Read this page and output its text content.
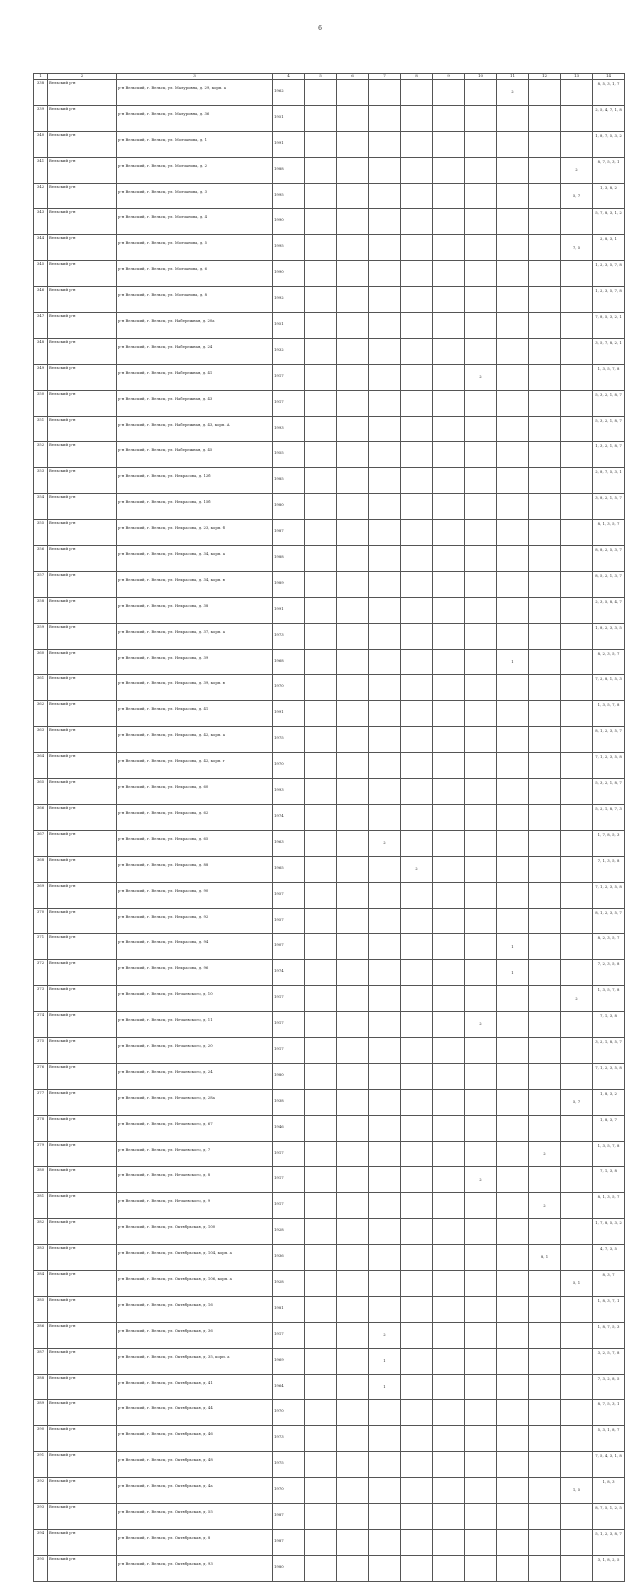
6
1	2	3	4	5	6	7	8	9	10	11	12	13	14
338	Вельский р-н	р-н Вельский, г. Вельск, ул. Малуровна, д. 29, корп. а	1962							2			8, 5, 3, 1, 7
339	Вельский р-н	р-н Вельский, г. Вельск, ул. Малуровна, д. 36	1951										2, 5, 4, 7, 1, 8
340	Вельский р-н	р-н Вельский, г. Вельск, ул. Молчанова, д. 1	1991										1, 8, 7, 5, 3, 2
341	Вельский р-н	р-н Вельский, г. Вельск, ул. Молчанова, д. 2	1988									2	8, 7, 5, 3, 1
342	Вельский р-н	р-н Вельский, г. Вельск, ул. Молчанова, д. 3	1995									5, 7	1, 3, 8, 2
343	Вельский р-н	р-н Вельский, г. Вельск, ул. Молчанова, д. 4	1990										5, 7, 8, 3, 1, 2
344	Вельский р-н	р-н Вельский, г. Вельск, ул. Молчанова, д. 5	1995									7, 5	2, 8, 3, 1
345	Вельский р-н	р-н Вельский, г. Вельск, ул. Молчанова, д. 6	1990										1, 2, 3, 5, 7, 8
346	Вельский р-н	р-н Вельский, г. Вельск, ул. Молчанова, д. 8	1992										1, 2, 3, 5, 7, 8
347	Вельский р-н	р-н Вельский, г. Вельск, ул. Набережная, д. 20а	1951										7, 8, 5, 3, 2, 1
348	Вельский р-н	р-н Вельский, г. Вельск, ул. Набережная, д. 24	1932										3, 5, 7, 8, 2, 1
349	Вельский р-н	р-н Вельский, г. Вельск, ул. Набережная, д. 41	1917						2				1, 3, 5, 7, 8
350	Вельский р-н	р-н Вельский, г. Вельск, ул. Набережная, д. 43	1917										5, 3, 2, 1, 8, 7
351	Вельский р-н	р-н Вельский, г. Вельск, ул. Набережная, д. 43, корп. А	1993										5, 3, 2, 1, 8, 7
352	Вельский р-н	р-н Вельский, г. Вельск, ул. Набережная, д. 45	1955										1, 3, 2, 1, 8, 7
353	Вельский р-н	р-н Вельский, г. Вельск, ул. Некрасова, д. 12б	1985										2, 8, 7, 5, 3, 1
354	Вельский р-н	р-н Вельский, г. Вельск, ул. Некрасова, д. 15б	1980										3, 8, 2, 1, 5, 7
355	Вельский р-н	р-н Вельский, г. Вельск, ул. Некрасова, д. 23, корп. б	1987										8, 1, 3, 5, 7
356	Вельский р-н	р-н Вельский, г. Вельск, ул. Некрасова, д. 34, корп. а	1988										8, 8, 2, 5, 3, 7
357	Вельский р-н	р-н Вельский, г. Вельск, ул. Некрасова, д. 34, корп. в	1989										8, 5, 2, 1, 3, 7
358	Вельский р-н	р-н Вельский, г. Вельск, ул. Некрасова, д. 38	1991										2, 3, 5, 8, 4, 7
359	Вельский р-н	р-н Вельский, г. Вельск, ул. Некрасова, д. 37, корп. а	1973										1, 8, 2, 3, 3, 5
360	Вельский р-н	р-н Вельский, г. Вельск, ул. Некрасова, д. 39	1968							1			8, 2, 3, 5, 7
361	Вельский р-н	р-н Вельский, г. Вельск, ул. Некрасова, д. 39, корп. в	1970										7, 2, 8, 1, 5, 3
362	Вельский р-н	р-н Вельский, г. Вельск, ул. Некрасова, д. 41	1991										1, 3, 5, 7, 8
363	Вельский р-н	р-н Вельский, г. Вельск, ул. Некрасова, д. 42, корп. а	1975										8, 1, 2, 3, 5, 7
364	Вельский р-н	р-н Вельский, г. Вельск, ул. Некрасова, д. 42, корп. г	1970										7, 1, 2, 3, 5, 8
365	Вельский р-н	р-н Вельский, г. Вельск, ул. Некрасова, д. 60	1993										5, 3, 2, 1, 8, 7
366	Вельский р-н	р-н Вельский, г. Вельск, ул. Некрасова, д. 62	1974										5, 2, 1, 8, 7, 3
367	Вельский р-н	р-н Вельский, г. Вельск, ул. Некрасова, д. 65	1963			2							1, 7, 8, 5, 3
368	Вельский р-н	р-н Вельский, г. Вельск, ул. Некрасова, д. 88	1965				2						7, 1, 3, 5, 8
369	Вельский р-н	р-н Вельский, г. Вельск, ул. Некрасова, д. 90	1957										7, 1, 2, 3, 5, 8
370	Вельский р-н	р-н Вельский, г. Вельск, ул. Некрасова, д. 92	1957										8, 1, 2, 3, 5, 7
371	Вельский р-н	р-н Вельский, г. Вельск, ул. Некрасова, д. 94	1907							1			8, 2, 3, 5, 7
372	Вельский р-н	р-н Вельский, г. Вельск, ул. Некрасова, д. 96	1974							1			7, 2, 3, 5, 8
373	Вельский р-н	р-н Вельский, г. Вельск, ул. Нечаевского, д. 10	1917									2	1, 3, 5, 7, 8
374	Вельский р-н	р-н Вельский, г. Вельск, ул. Нечаевского, д. 11	1917						2				7, 1, 3, 8
375	Вельский р-н	р-н Вельский, г. Вельск, ул. Нечаевского, д. 20	1917										3, 2, 1, 8, 5, 7
376	Вельский р-н	р-н Вельский, г. Вельск, ул. Нечаевского, д. 24	1980										7, 1, 2, 3, 5, 8
377	Вельский р-н	р-н Вельский, г. Вельск, ул. Нечаевского, д. 28а	1938									5, 7	1, 8, 3, 2
378	Вельский р-н	р-н Вельский, г. Вельск, ул. Нечаевского, д. 67	1946										1, 8, 3, 7
379	Вельский р-н	р-н Вельский, г. Вельск, ул. Нечаевского, д. 7	1917								2		1, 3, 5, 7, 8
380	Вельский р-н	р-н Вельский, г. Вельск, ул. Нечаевского, д. 8	1917						2				7, 1, 3, 8
381	Вельский р-н	р-н Вельский, г. Вельск, ул. Нечаевского, д. 9	1917								2		8, 1, 3, 5, 7
382	Вельский р-н	р-н Вельский, г. Вельск, ул. Октябрьская, д. 100	1928										1, 7, 8, 5, 3, 2
383	Вельский р-н	р-н Вельский, г. Вельск, ул. Октябрьская, д. 104, корп. а	1936								8, 1		4, 7, 3, 5
384	Вельский р-н	р-н Вельский, г. Вельск, ул. Октябрьская, д. 106, корп. а	1928									5, 1	8, 3, 7
385	Вельский р-н	р-н Вельский, г. Вельск, ул. Октябрьская, д. 16	1981										1, 8, 3, 7, 1
386	Вельский р-н	р-н Вельский, г. Вельск, ул. Октябрьская, д. 36	1917			2							1, 8, 7, 5, 3
387	Вельский р-н	р-н Вельский, г. Вельск, ул. Октябрьская, д. 35, корп. а	1969			1							3, 2, 5, 7, 8
388	Вельский р-н	р-н Вельский, г. Вельск, ул. Октябрьская, д. 41	1964			1							7, 3, 2, 8, 5
389	Вельский р-н	р-н Вельский, г. Вельск, ул. Октябрьская, д. 44	1970										8, 7, 5, 3, 1
390	Вельский р-н	р-н Вельский, г. Вельск, ул. Октябрьская, д. 46	1973										5, 3, 1, 8, 7
391	Вельский р-н	р-н Вельский, г. Вельск, ул. Октябрьская, д. 48	1975										7, 5, 4, 3, 1, 8
392	Вельский р-н	р-н Вельский, г. Вельск, ул. Октябрьская, д. 4а	1970									1, 5	1, 8, 3
393	Вельский р-н	р-н Вельский, г. Вельск, ул. Октябрьская, д. 55	1987										8, 7, 5, 1, 2, 5
394	Вельский р-н	р-н Вельский, г. Вельск, ул. Октябрьская, д. 8	1987										5, 1, 2, 3, 8, 7
395	Вельский р-н	р-н Вельский, г. Вельск, ул. Октябрьская, д. 93	1980										3, 1, 8, 2, 5
